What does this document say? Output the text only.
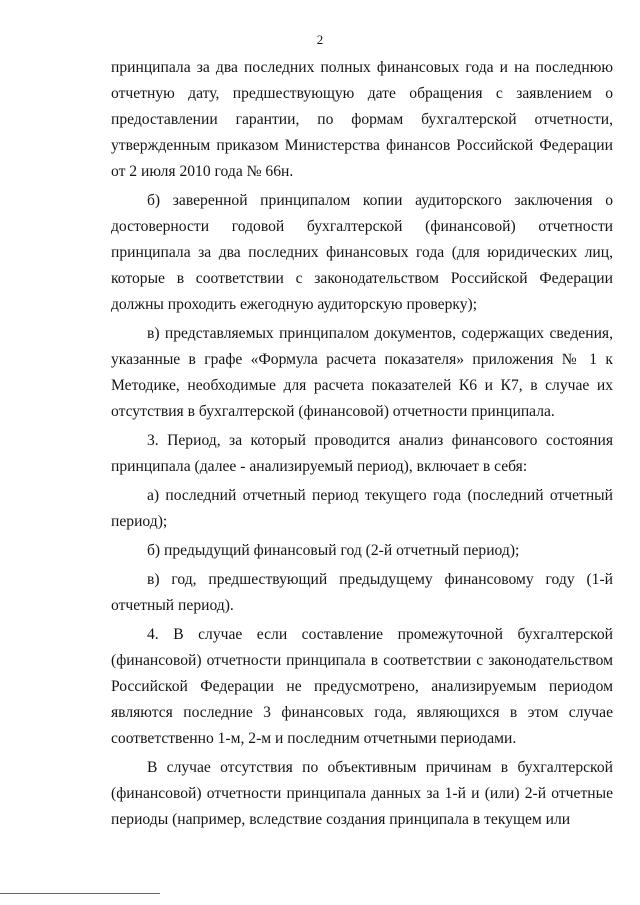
2

принципала за два последних полных финансовых года и на последнюю отчетную дату, предшествующую дате обращения с заявлением о предоставлении гарантии, по формам бухгалтерской отчетности, утвержденным приказом Министерства финансов Российской Федерации от 2 июля 2010 года № 66н.

б) заверенной принципалом копии аудиторского заключения о достоверности годовой бухгалтерской (финансовой) отчетности принципала за два последних финансовых года (для юридических лиц, которые в соответствии с законодательством Российской Федерации должны проходить ежегодную аудиторскую проверку);

в) представляемых принципалом документов, содержащих сведения, указанные в графе «Формула расчета показателя» приложения № 1 к Методике, необходимые для расчета показателей К6 и К7, в случае их отсутствия в бухгалтерской (финансовой) отчетности принципала.

3. Период, за который проводится анализ финансового состояния принципала (далее - анализируемый период), включает в себя:

а) последний отчетный период текущего года (последний отчетный период);

б) предыдущий финансовый год (2-й отчетный период);

в) год, предшествующий предыдущему финансовому году (1-й отчетный период).

4. В случае если составление промежуточной бухгалтерской (финансовой) отчетности принципала в соответствии с законодательством Российской Федерации не предусмотрено, анализируемым периодом являются последние 3 финансовых года, являющихся в этом случае соответственно 1-м, 2-м и последним отчетными периодами.

В случае отсутствия по объективным причинам в бухгалтерской (финансовой) отчетности принципала данных за 1-й и (или) 2-й отчетные периоды (например, вследствие создания принципала в текущем или
